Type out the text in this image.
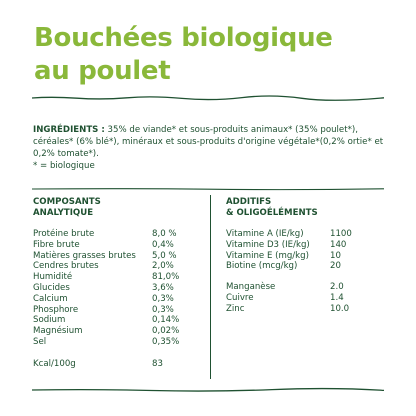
Bouchées biologique
au poulet

INGRÉDIENTS : 35% de viande* et sous-produits animaux* (35% poulet*), céréales* (6% blé*), minéraux et sous-produits d'origine végétale*(0,2% ortie* et 0,2% tomate*).
* = biologique

COMPOSANTS
ANALYTIQUE
Protéine brute	8,0 %
Fibre brute	0,4%
Matières grasses brutes	5,0 %
Cendres brutes	2,0%
Humidité	81,0%
Glucides	3,6%
Calcium	0,3%
Phosphore	0,3%
Sodium	0,14%
Magnésium	0,02%
Sel	0,35%

Kcal/100g	83
ADDITIFS
& OLIGOÉLÉMENTS
Vitamine A (IE/kg)	1100
Vitamine D3 (IE/kg)	140
Vitamine E (mg/kg)	10
Biotine (mcg/kg)	20

Manganèse	2.0
Cuivre	1.4
Zinc	10.0
